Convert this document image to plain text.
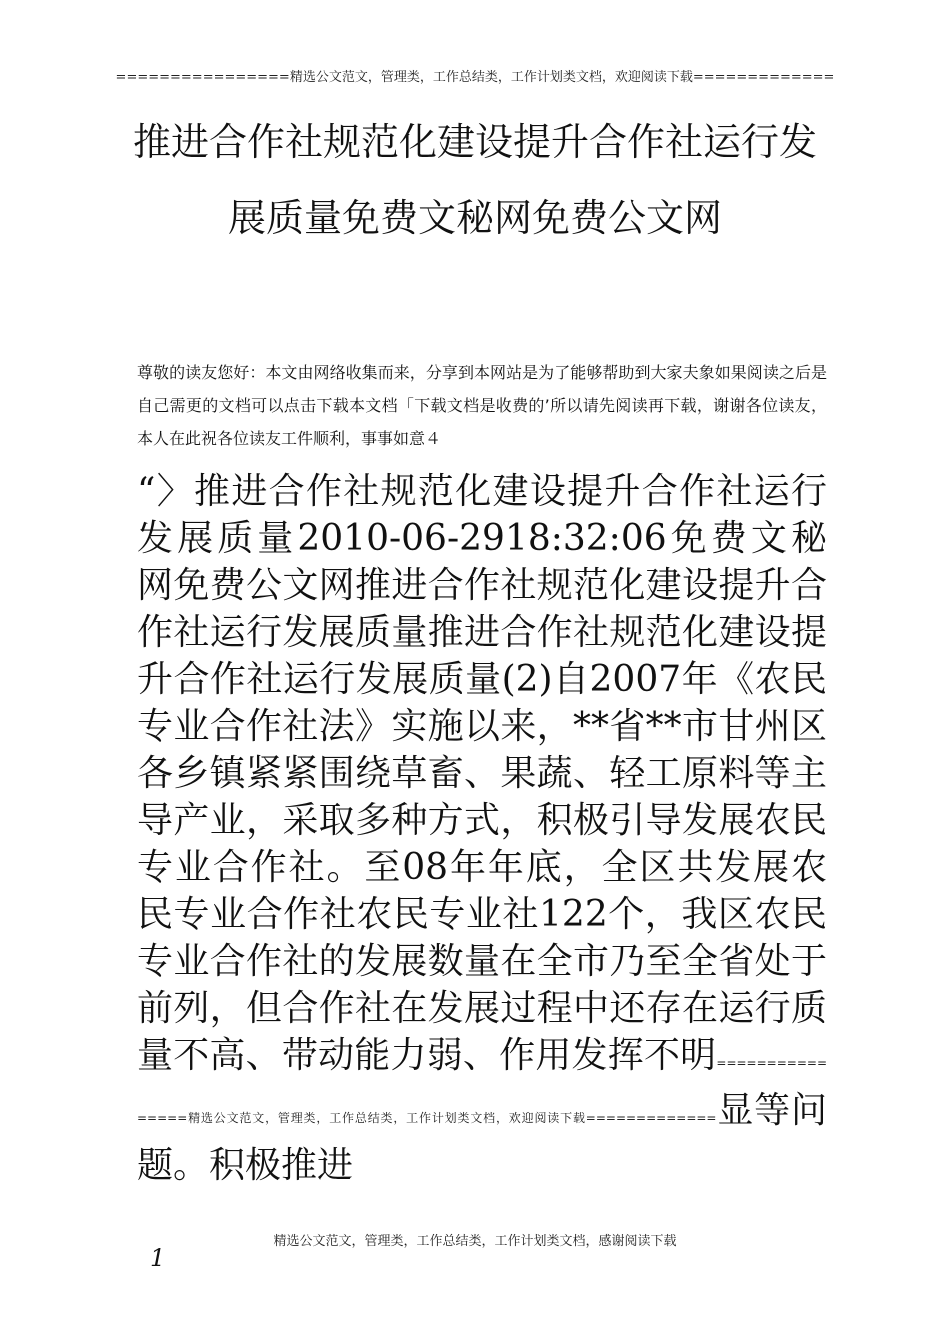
================精选公文范文，管理类，工作总结类，工作计划类文档，欢迎阅读下载=============
推进合作社规范化建设提升合作社运行发展质量免费文秘网免费公文网
尊敬的读友您好：本文由网络收集而来，分享到本网站是为了能够帮助到大家夫象如果阅读之后是自己需更的文档可以点击下载本文档「下载文档是收费的’所以请先阅读再下载，谢谢各位读友，本人在此祝各位读友工件顺利，事事如意４
“〉推进合作社规范化建设提升合作社运行发展质量2010-06-2918:32:06免费文秘网免费公文网推进合作社规范化建设提升合作社运行发展质量推进合作社规范化建设提升合作社运行发展质量(2)自2007年《农民专业合作社法》实施以来，**省**市甘州区各乡镇紧紧围绕草畜、果蔬、轻工原料等主导产业，采取多种方式，积极引导发展农民专业合作社。至08年年底，全区共发展农民专业合作社农民专业社122个，我区农民专业合作社的发展数量在全市乃至全省处于前列，但合作社在发展过程中还存在运行质量不高、带动能力弱、作用发挥不明================精选公文范文，管理类，工作总结类，工作计划类文档，欢迎阅读下载=============显等问题。积极推进
精选公文范文，管理类，工作总结类，工作计划类文档，感谢阅读下载
1
